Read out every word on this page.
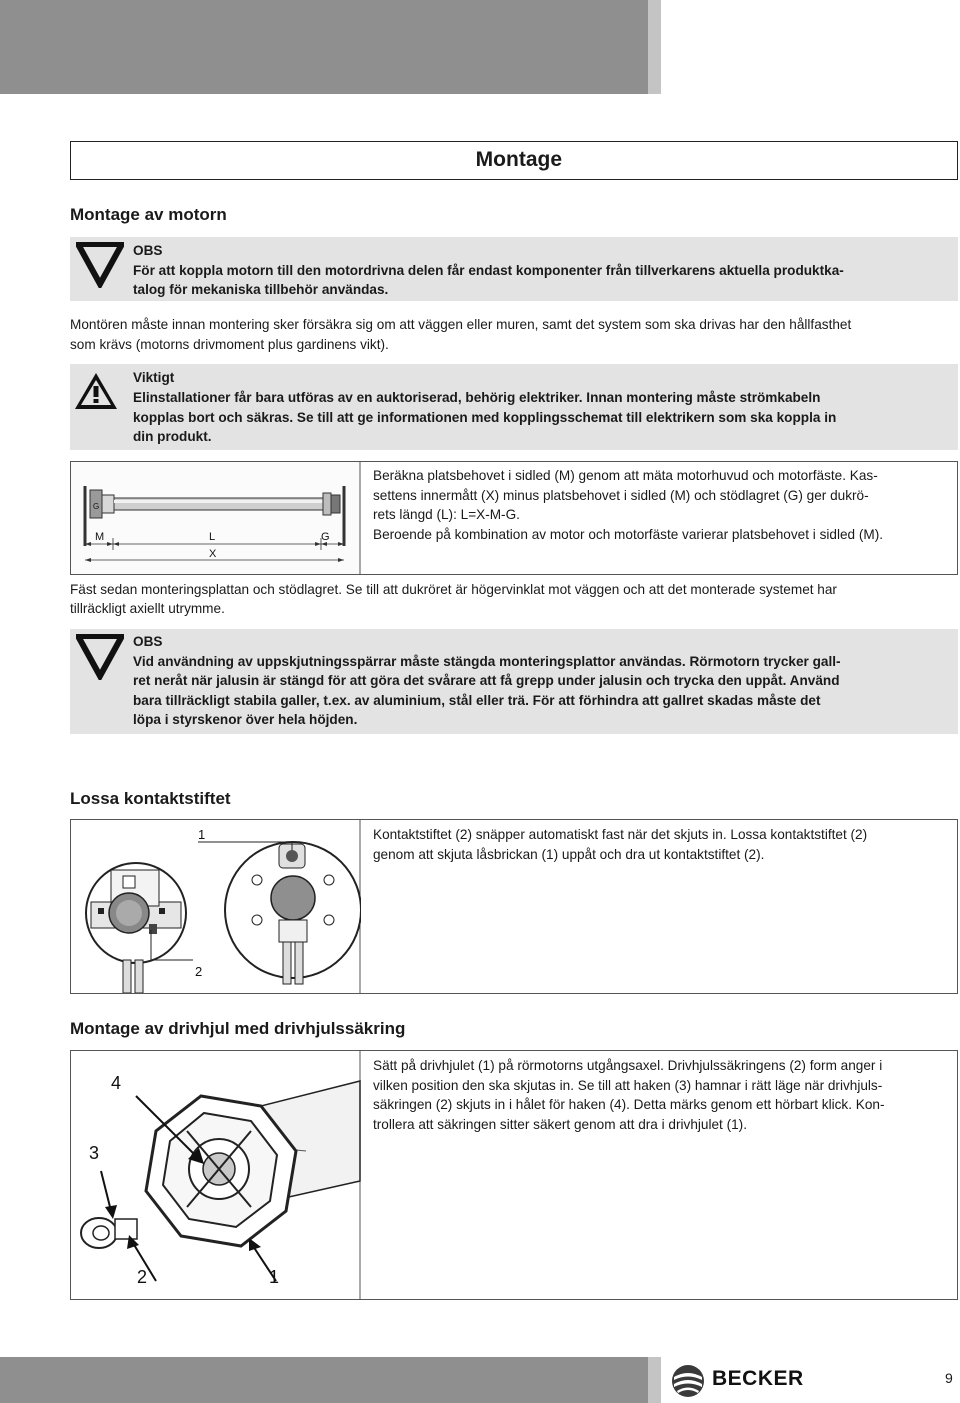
Montage
Montage av motorn

OBS

För att koppla motorn till den motordrivna delen får endast komponenter från tillverkarens aktuella produktka-

talog för mekaniska tillbehör användas.

Montören måste innan montering sker försäkra sig om att väggen eller muren, samt det system som ska drivas har den hållfasthet

som krävs (motorns drivmoment plus gardinens vikt).

Viktigt

Elinstallationer får bara utföras av en auktoriserad, behörig elektriker. Innan montering måste strömkabeln

kopplas bort och säkras. Se till att ge informationen med kopplingsschemat till elektrikern som ska koppla in

din produkt.

G
M	L	G
X

Beräkna platsbehovet i sidled (M) genom att mäta motorhuvud och motorfäste. Kas-

settens innermått (X) minus platsbehovet i sidled (M) och stödlagret (G) ger dukrö-

rets längd (L): L=X-M-G.

Beroende på kombination av motor och motorfäste varierar platsbehovet i sidled (M).

Fäst sedan monteringsplattan och stödlagret. Se till att dukröret är högervinklat mot väggen och att det monterade systemet har

tillräckligt axiellt utrymme.

OBS

Vid användning av uppskjutningsspärrar måste stängda monteringsplattor användas. Rörmotorn trycker gall-

ret neråt när jalusin är stängd för att göra det svårare att få grepp under jalusin och trycka den uppåt. Använd

bara tillräckligt stabila galler, t.ex. av aluminium, stål eller trä. För att förhindra att gallret skadas måste det

löpa i styrskenor över hela höjden.

Lossa kontaktstiftet
1
2

Kontaktstiftet (2) snäpper automatiskt fast när det skjuts in. Lossa kontaktstiftet (2)

genom att skjuta låsbrickan (1) uppåt och dra ut kontaktstiftet (2).

Montage av drivhjul med drivhjulssäkring
4
3
2	1

Sätt på drivhjulet (1) på rörmotorns utgångsaxel. Drivhjulssäkringens (2) form anger i

vilken position den ska skjutas in. Se till att haken (3) hamnar i rätt läge när drivhjuls-

säkringen (2) skjuts in i hålet för haken (4). Detta märks genom ett hörbart klick. Kon-

trollera att säkringen sitter säkert genom att dra i drivhjulet (1).

BECKER	9
